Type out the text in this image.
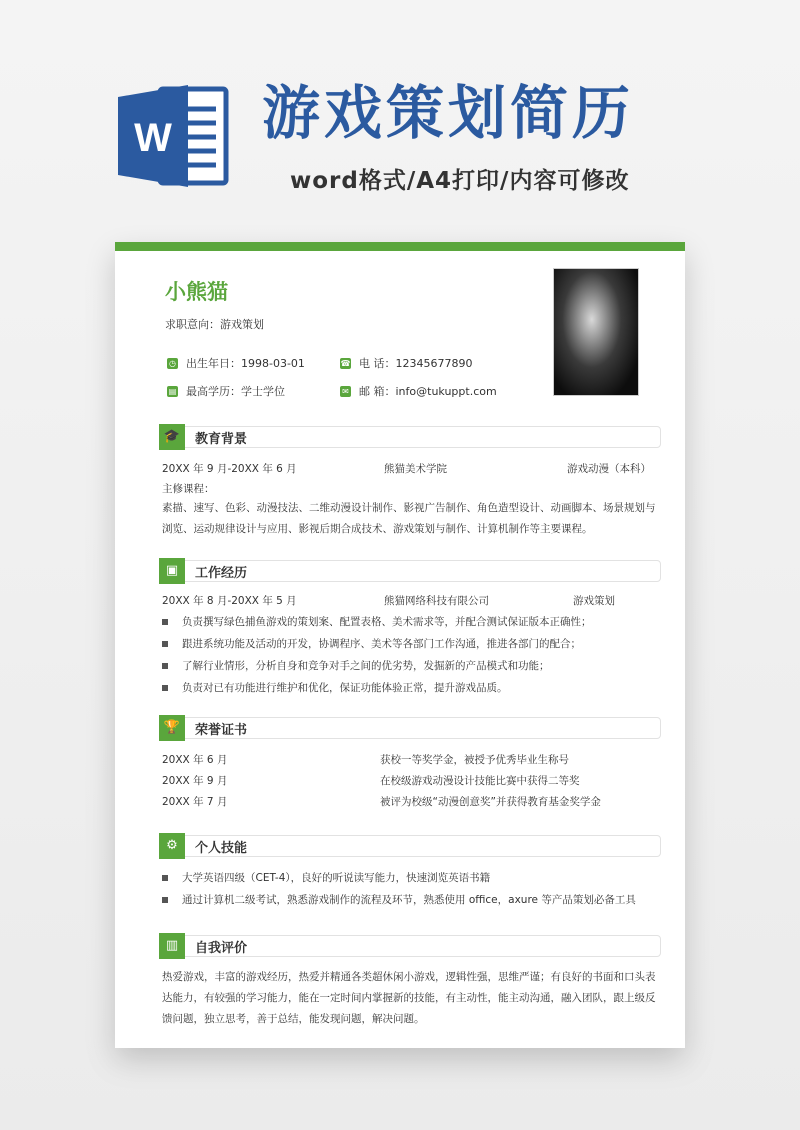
W 游戏策划简历
word格式/A4打印/内容可修改
小熊猫
求职意向：游戏策划
◷ 出生年日：1998-03-01	☎ 电 话：12345677890
▤ 最高学历：学士学位	✉ 邮 箱：info@tukuppt.com
🎓	教育背景
20XX 年 9 月-20XX 年 6 月	熊猫美术学院	游戏动漫（本科）
主修课程：
素描、速写、色彩、动漫技法、二维动漫设计制作、影视广告制作、角色造型设计、动画脚本、场景规划与浏览、运动规律设计与应用、影视后期合成技术、游戏策划与制作、计算机制作等主要课程。
▣	工作经历
20XX 年 8 月-20XX 年 5 月	熊猫网络科技有限公司	游戏策划
负责撰写绿色捕鱼游戏的策划案、配置表格、美术需求等，并配合测试保证版本正确性；
跟进系统功能及活动的开发，协调程序、美术等各部门工作沟通，推进各部门的配合；
了解行业情形，分析自身和竞争对手之间的优劣势，发掘新的产品模式和功能；
负责对已有功能进行维护和优化，保证功能体验正常，提升游戏品质。
🏆	荣誉证书
20XX 年 6 月	获校一等奖学金，被授予优秀毕业生称号
20XX 年 9 月	在校级游戏动漫设计技能比赛中获得二等奖
20XX 年 7 月	被评为校级“动漫创意奖”并获得教育基金奖学金
⚙	个人技能
大学英语四级（CET-4），良好的听说读写能力，快速浏览英语书籍
通过计算机二级考试，熟悉游戏制作的流程及环节，熟悉使用 office，axure 等产品策划必备工具
▥	自我评价
热爱游戏，丰富的游戏经历，热爱并精通各类超休闲小游戏，逻辑性强，思维严谨；有良好的书面和口头表达能力，有较强的学习能力，能在一定时间内掌握新的技能，有主动性，能主动沟通，融入团队，跟上级反馈问题，独立思考，善于总结，能发现问题，解决问题。
